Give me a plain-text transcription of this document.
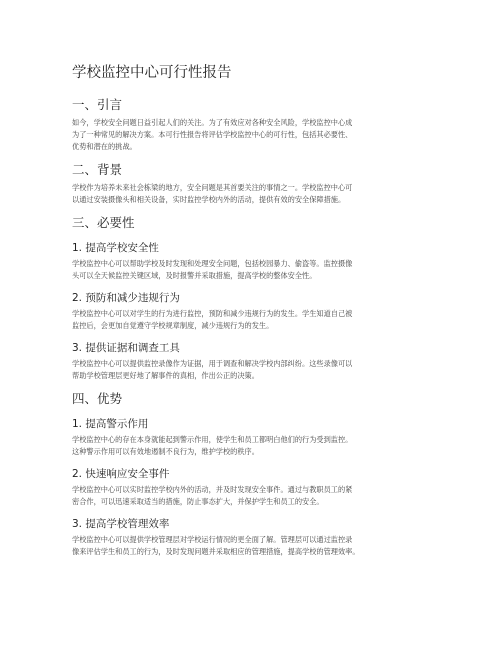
学校监控中心可行性报告
一、引言

如今，学校安全问题日益引起人们的关注。为了有效应对各种安全风险，学校监控中心成

为了一种常见的解决方案。本可行性报告将评估学校监控中心的可行性，包括其必要性、

优势和潜在的挑战。

二、背景

学校作为培养未来社会栋梁的地方，安全问题是其首要关注的事情之一。学校监控中心可

以通过安装摄像头和相关设备，实时监控学校内外的活动，提供有效的安全保障措施。

三、必要性
1. 提高学校安全性

学校监控中心可以帮助学校及时发现和处理安全问题，包括校园暴力、偷盗等。监控摄像

头可以全天候监控关键区域，及时报警并采取措施，提高学校的整体安全性。

2. 预防和减少违规行为

学校监控中心可以对学生的行为进行监控，预防和减少违规行为的发生。学生知道自己被

监控后，会更加自觉遵守学校规章制度，减少违规行为的发生。

3. 提供证据和调查工具

学校监控中心可以提供监控录像作为证据，用于调查和解决学校内部纠纷。这些录像可以

帮助学校管理层更好地了解事件的真相，作出公正的决策。

四、优势
1. 提高警示作用

学校监控中心的存在本身就能起到警示作用，使学生和员工都明白他们的行为受到监控。

这种警示作用可以有效地遏制不良行为，维护学校的秩序。

2. 快速响应安全事件

学校监控中心可以实时监控学校内外的活动，并及时发现安全事件。通过与教职员工的紧

密合作，可以迅速采取适当的措施，防止事态扩大，并保护学生和员工的安全。

3. 提高学校管理效率

学校监控中心可以提供学校管理层对学校运行情况的更全面了解。管理层可以通过监控录

像来评估学生和员工的行为，及时发现问题并采取相应的管理措施，提高学校的管理效率。
